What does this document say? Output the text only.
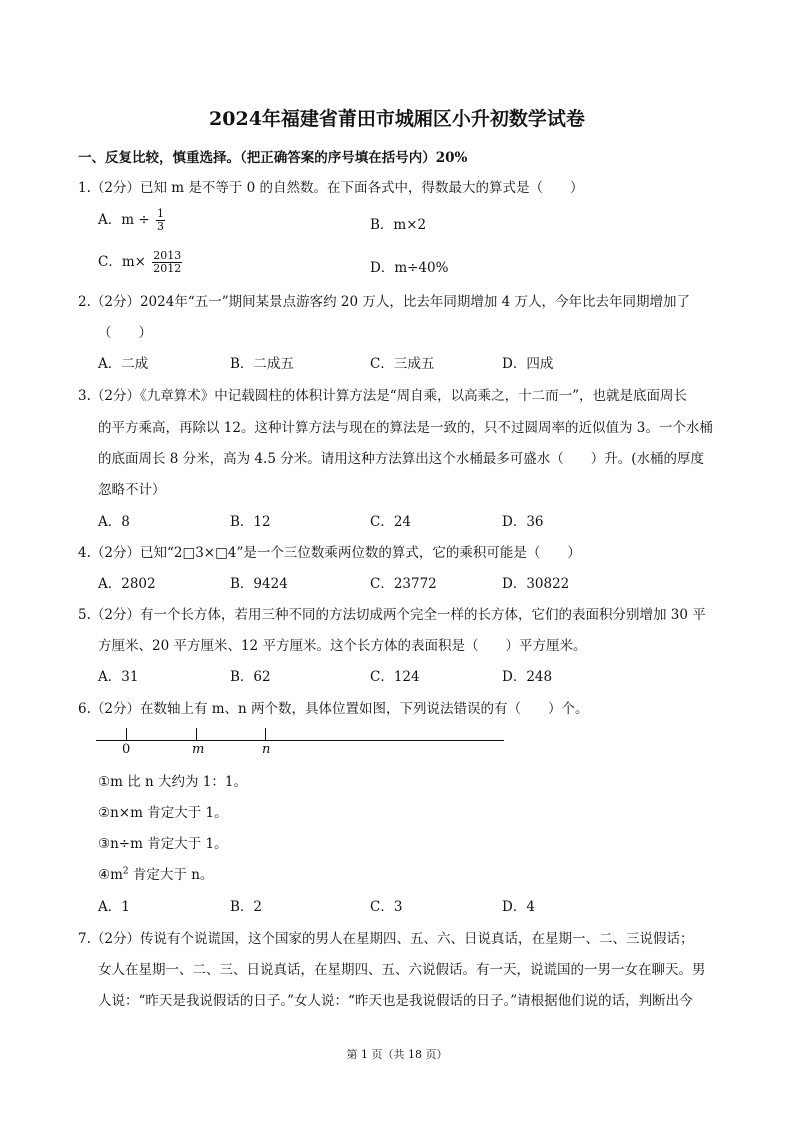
2024年福建省莆田市城厢区小升初数学试卷
一、反复比较，慎重选择。（把正确答案的序号填在括号内）20%
1.（2分）已知 m 是不等于 0 的自然数。在下面各式中，得数最大的算式是（　　）
A．$m \div \frac{1}{3}$	B．m×2
C．$m\times \frac{2013}{2012}$	D．m÷40%
2.（2分）2024年“五一”期间某景点游客约 20 万人，比去年同期增加 4 万人，今年比去年同期增加了
（　　）
A．二成	B．二成五	C．三成五	D．四成
3.（2分）《九章算术》中记载圆柱的体积计算方法是“周自乘，以高乘之，十二而一”，也就是底面周长
的平方乘高，再除以 12。这种计算方法与现在的算法是一致的，只不过圆周率的近似值为 3。一个水桶
的底面周长 8 分米，高为 4.5 分米。请用这种方法算出这个水桶最多可盛水（　　）升。(水桶的厚度
忽略不计）
A．8	B．12	C．24	D．36
4.（2分）已知“2□3×□4”是一个三位数乘两位数的算式，它的乘积可能是（　　）
A．2802	B．9424	C．23772	D．30822
5.（2分）有一个长方体，若用三种不同的方法切成两个完全一样的长方体，它们的表面积分别增加 30 平
方厘米、20 平方厘米、12 平方厘米。这个长方体的表面积是（　　）平方厘米。
A．31	B．62	C．124	D．248
6.（2分）在数轴上有 m、n 两个数，具体位置如图，下列说法错误的有（　　）个。
0	m	n
①m 比 n 大约为 1：1。
②n×m 肯定大于 1。
③n÷m 肯定大于 1。
$④m^2$ 肯定大于 n。
A．1	B．2	C．3	D．4
7.（2分）传说有个说谎国，这个国家的男人在星期四、五、六、日说真话，在星期一、二、三说假话；
女人在星期一、二、三、日说真话，在星期四、五、六说假话。有一天，说谎国的一男一女在聊天。男
人说：“昨天是我说假话的日子。”女人说：“昨天也是我说假话的日子。”请根据他们说的话，判断出今
第 1 页（共 18 页）
